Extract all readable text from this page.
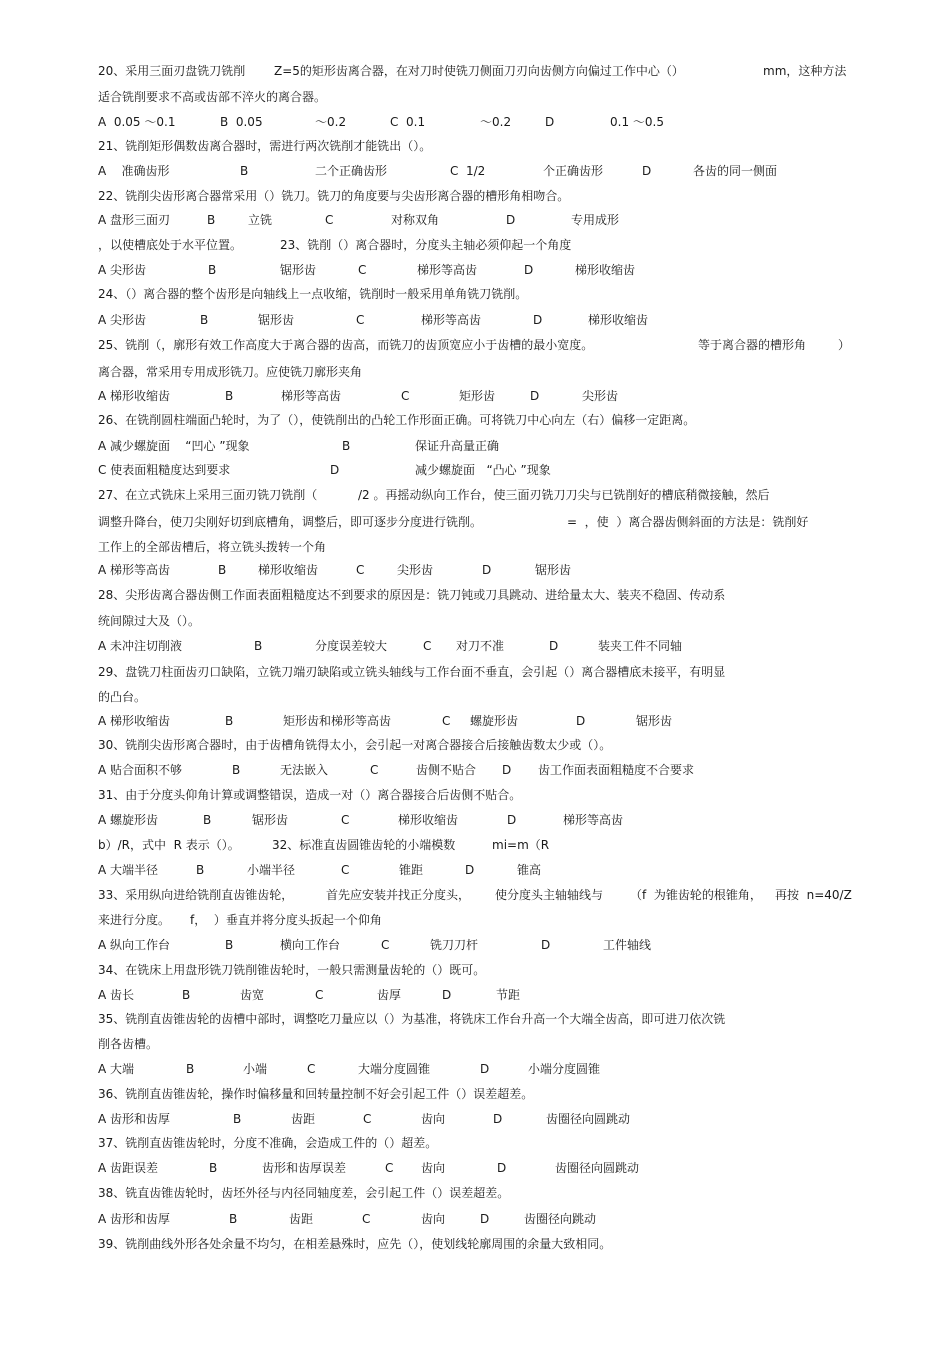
20、采用三面刃盘铣刀铣削 Z=5的矩形齿离合器，在对刀时使铣刀侧面刀刃向齿侧方向偏过工作中心（）	mm，这种方法
适合铣削要求不高或齿部不淬火的离合器。
A  0.05 ～0.1	B  0.05	～0.2	C  0.1	～0.2	D	0.1 ～0.5
21、铣削矩形偶数齿离合器时，需进行两次铣削才能铣出（）。
A    准确齿形	B	二个正确齿形	C  1/2	个正确齿形	D	各齿的同一侧面
22、铣削尖齿形离合器常采用（）铣刀。铣刀的角度要与尖齿形离合器的槽形角相吻合。
A 盘形三面刃	B	立铣	C	对称双角	D	专用成形
，以使槽底处于水平位置。	23、铣削（）离合器时，分度头主轴必须仰起一个角度
A 尖形齿	B	锯形齿	C	梯形等高齿	D	梯形收缩齿
24、（）离合器的整个齿形是向轴线上一点收缩，铣削时一般采用单角铣刀铣削。
A 尖形齿	B	锯形齿	C	梯形等高齿	D	梯形收缩齿
25、铣削（，廓形有效工作高度大于离合器的齿高，而铣刀的齿顶宽应小于齿槽的最小宽度。	等于离合器的槽形角	）
离合器，常采用专用成形铣刀。应使铣刀廓形夹角
A 梯形收缩齿	B	梯形等高齿	C	矩形齿	D	尖形齿
26、在铣削圆柱端面凸轮时，为了（），使铣削出的凸轮工作形面正确。可将铣刀中心向左（右）偏移一定距离。
A 减少螺旋面    “凹心 ”现象	B	保证升高量正确
C 使表面粗糙度达到要求	D	减少螺旋面   “凸心 ”现象
27、在立式铣床上采用三面刃铣刀铣削（	/2 。再摇动纵向工作台，使三面刃铣刀刀尖与已铣削好的槽底稍微接触，然后
调整升降台，使刀尖刚好切到底槽角，调整后，即可逐步分度进行铣削。	=  ，使  ）离合器齿侧斜面的方法是：铣削好
工作上的全部齿槽后，将立铣头拨转一个角
A 梯形等高齿	B	梯形收缩齿	C	尖形齿	D	锯形齿
28、尖形齿离合器齿侧工作面表面粗糙度达不到要求的原因是：铣刀钝或刀具跳动、进给量太大、装夹不稳固、传动系
统间隙过大及（）。
A 未冲注切削液	B	分度误差较大	C 对刀不准	D	装夹工件不同轴
29、盘铣刀柱面齿刃口缺陷，立铣刀端刃缺陷或立铣头轴线与工作台面不垂直，会引起（）离合器槽底未接平，有明显
的凸台。
A 梯形收缩齿	B	矩形齿和梯形等高齿	C 螺旋形齿	D	锯形齿
30、铣削尖齿形离合器时，由于齿槽角铣得太小，会引起一对离合器接合后接触齿数太少或（）。
A 贴合面积不够	B	无法嵌入	C	齿侧不贴合 D 齿工作面表面粗糙度不合要求
31、由于分度头仰角计算或调整错误，造成一对（）离合器接合后齿侧不贴合。
A 螺旋形齿	B	锯形齿	C	梯形收缩齿	D	梯形等高齿
b）/R，式中  R 表示（）。	32、标准直齿圆锥齿轮的小端模数	mi=m（R
A 大端半径	B	小端半径	C	锥距	D	锥高
33、采用纵向进给铣削直齿锥齿轮，	首先应安装并找正分度头， 使分度头主轴轴线与 （f  为锥齿轮的根锥角， 再按  n=40/Z
来进行分度。 f，  ）垂直并将分度头扳起一个仰角
A 纵向工作台	B	横向工作台	C	铣刀刀杆	D	工件轴线
34、在铣床上用盘形铣刀铣削锥齿轮时，一般只需测量齿轮的（）既可。
A 齿长	B	齿宽	C	齿厚	D	节距
35、铣削直齿锥齿轮的齿槽中部时，调整吃刀量应以（）为基准，将铣床工作台升高一个大端全齿高，即可进刀依次铣
削各齿槽。
A 大端	B	小端	C	大端分度圆锥	D	小端分度圆锥
36、铣削直齿锥齿轮，操作时偏移量和回转量控制不好会引起工件（）误差超差。
A 齿形和齿厚	B	齿距	C	齿向	D	齿圈径向圆跳动
37、铣削直齿锥齿轮时，分度不准确，会造成工件的（）超差。
A 齿距误差	B	齿形和齿厚误差	C 齿向	D	齿圈径向圆跳动
38、铣直齿锥齿轮时，齿坯外径与内径同轴度差，会引起工件（）误差超差。
A 齿形和齿厚	B	齿距	C	齿向	D	齿圈径向跳动
39、铣削曲线外形各处余量不均匀，在相差悬殊时，应先（），使划线轮廓周围的余量大致相同。
